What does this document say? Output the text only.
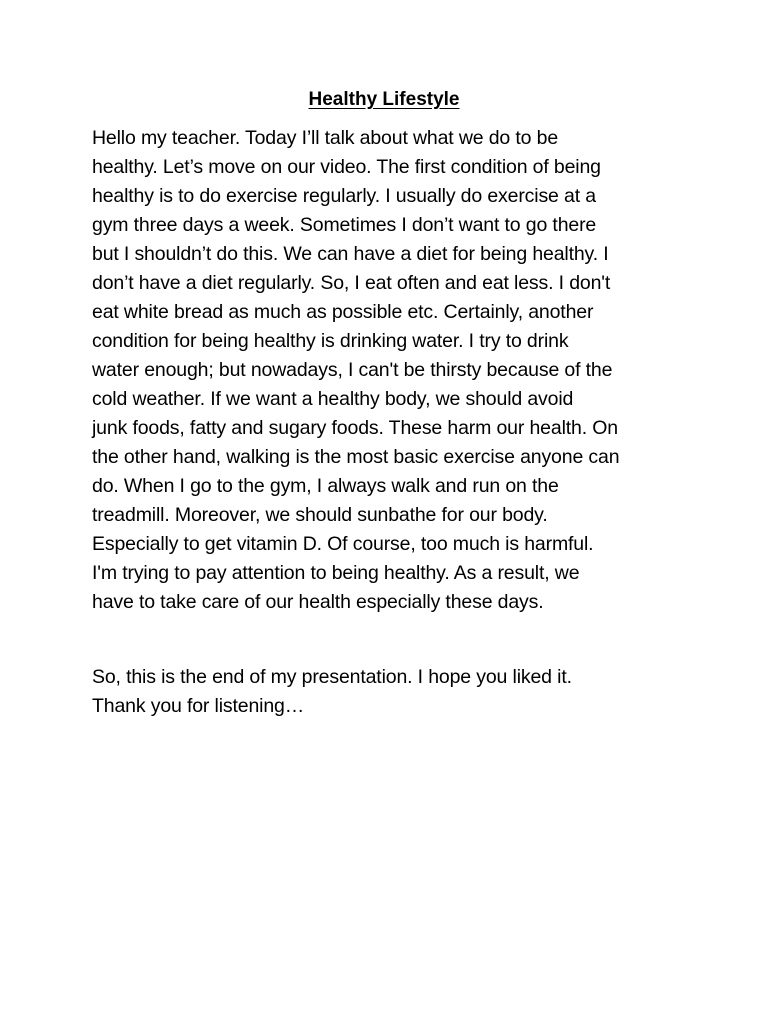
Healthy Lifestyle

Hello my teacher. Today I’ll talk about what we do to be
healthy. Let’s move on our video. The first condition of being
healthy is to do exercise regularly. I usually do exercise at a
gym three days a week. Sometimes I don’t want to go there
but I shouldn’t do this. We can have a diet for being healthy. I
don’t have a diet regularly. So, I eat often and eat less. I don't
eat white bread as much as possible etc. Certainly, another
condition for being healthy is drinking water. I try to drink
water enough; but nowadays, I can't be thirsty because of the
cold weather. If we want a healthy body, we should avoid
junk foods, fatty and sugary foods. These harm our health. On
the other hand, walking is the most basic exercise anyone can
do. When I go to the gym, I always walk and run on the
treadmill. Moreover, we should sunbathe for our body.
Especially to get vitamin D. Of course, too much is harmful.
I'm trying to pay attention to being healthy. As a result, we
have to take care of our health especially these days.

So, this is the end of my presentation. I hope you liked it.
Thank you for listening…
